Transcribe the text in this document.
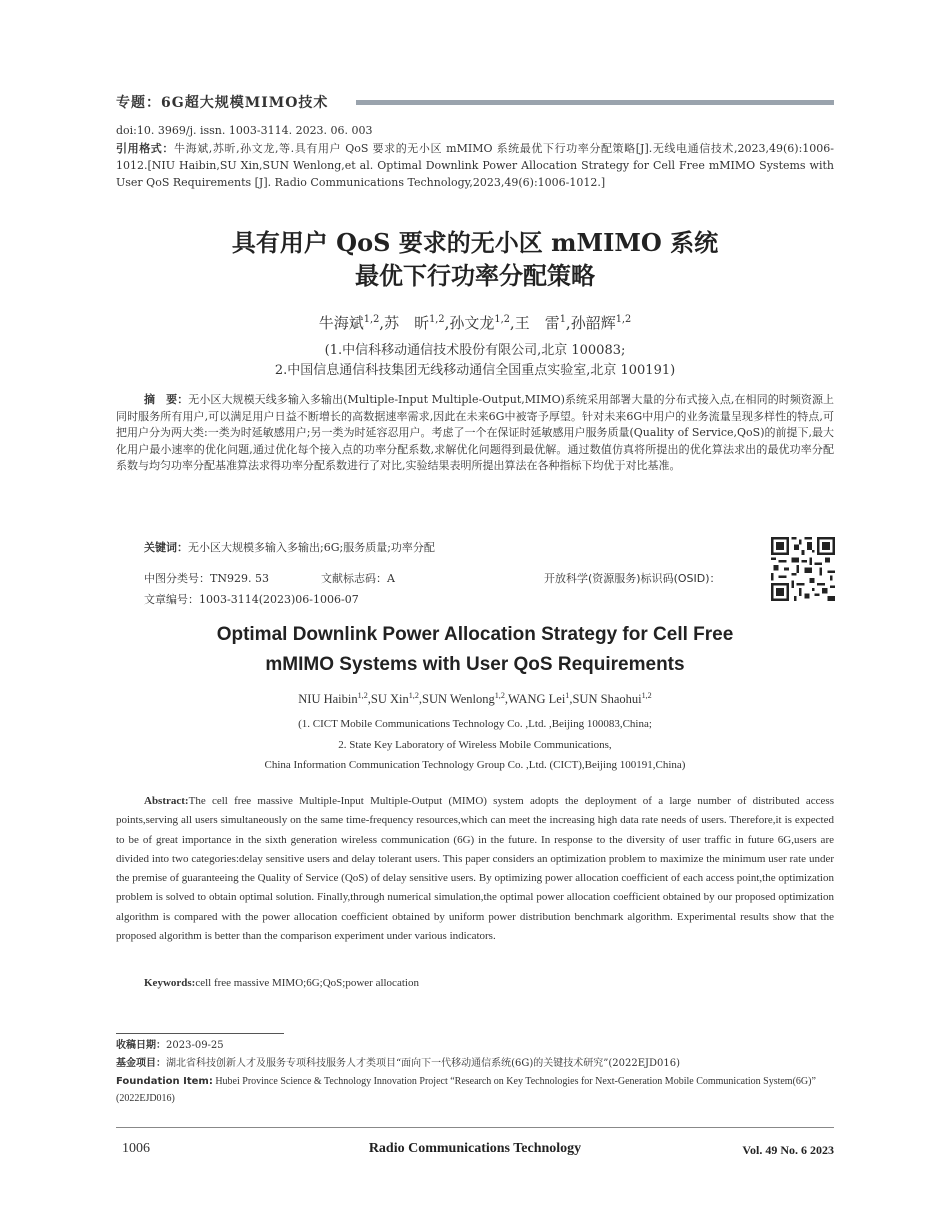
专题：6G超大规模MIMO技术
doi:10. 3969/j. issn. 1003-3114. 2023. 06. 003
引用格式：牛海斌,苏昕,孙文龙,等.具有用户 QoS 要求的无小区 mMIMO 系统最优下行功率分配策略[J].无线电通信技术,2023,49(6):1006-1012.[NIU Haibin,SU Xin,SUN Wenlong,et al. Optimal Downlink Power Allocation Strategy for Cell Free mMIMO Systems with User QoS Requirements [J]. Radio Communications Technology,2023,49(6):1006-1012.]
具有用户 QoS 要求的无小区 mMIMO 系统
最优下行功率分配策略
牛海斌$^{1,2}$,苏　昕$^{1,2}$,孙文龙$^{1,2}$,王　雷$^1$,孙韶辉$^{1,2}$
(1.中信科移动通信技术股份有限公司,北京 100083;
2.中国信息通信科技集团无线移动通信全国重点实验室,北京 100191)
摘　要：无小区大规模天线多输入多输出(Multiple-Input Multiple-Output,MIMO)系统采用部署大量的分布式接入点,在相同的时频资源上同时服务所有用户,可以满足用户日益不断增长的高数据速率需求,因此在未来6G中被寄予厚望。针对未来6G中用户的业务流量呈现多样性的特点,可把用户分为两大类:一类为时延敏感用户;另一类为时延容忍用户。考虑了一个在保证时延敏感用户服务质量(Quality of Service,QoS)的前提下,最大化用户最小速率的优化问题,通过优化每个接入点的功率分配系数,求解优化问题得到最优解。通过数值仿真将所提出的优化算法求出的最优功率分配系数与均匀功率分配基准算法求得功率分配系数进行了对比,实验结果表明所提出算法在各种指标下均优于对比基准。
关键词：无小区大规模多输入多输出;6G;服务质量;功率分配
中图分类号：TN929. 53	文献标志码：A	开放科学(资源服务)标识码(OSID)：
文章编号：1003-3114(2023)06-1006-07
Optimal Downlink Power Allocation Strategy for Cell Free
mMIMO Systems with User QoS Requirements
NIU Haibin$^{1,2}$,SU Xin$^{1,2}$,SUN Wenlong$^{1,2}$,WANG Lei$^1$,SUN Shaohui$^{1,2}$
(1. CICT Mobile Communications Technology Co. ,Ltd. ,Beijing 100083,China;
2. State Key Laboratory of Wireless Mobile Communications,
China Information Communication Technology Group Co. ,Ltd. (CICT),Beijing 100191,China)
Abstract:The cell free massive Multiple-Input Multiple-Output (MIMO) system adopts the deployment of a large number of distributed access points,serving all users simultaneously on the same time-frequency resources,which can meet the increasing high data rate needs of users. Therefore,it is expected to be of great importance in the sixth generation wireless communication (6G) in the future. In response to the diversity of user traffic in future 6G,users are divided into two categories:delay sensitive users and delay tolerant users. This paper considers an optimization problem to maximize the minimum user rate under the premise of guaranteeing the Quality of Service (QoS) of delay sensitive users. By optimizing power allocation coefficient of each access point,the optimization problem is solved to obtain optimal solution. Finally,through numerical simulation,the optimal power allocation coefficient obtained by our proposed optimization algorithm is compared with the power allocation coefficient obtained by uniform power distribution benchmark algorithm. Experimental results show that the proposed algorithm is better than the comparison experiment under various indicators.
Keywords:cell free massive MIMO;6G;QoS;power allocation
收稿日期：2023-09-25
基金项目：湖北省科技创新人才及服务专项科技服务人才类项目“面向下一代移动通信系统(6G)的关键技术研究”(2022EJD016)
Foundation Item: Hubei Province Science & Technology Innovation Project “Research on Key Technologies for Next-Generation Mobile Communication System(6G)” (2022EJD016)
1006	Radio Communications Technology	Vol. 49 No. 6 2023
